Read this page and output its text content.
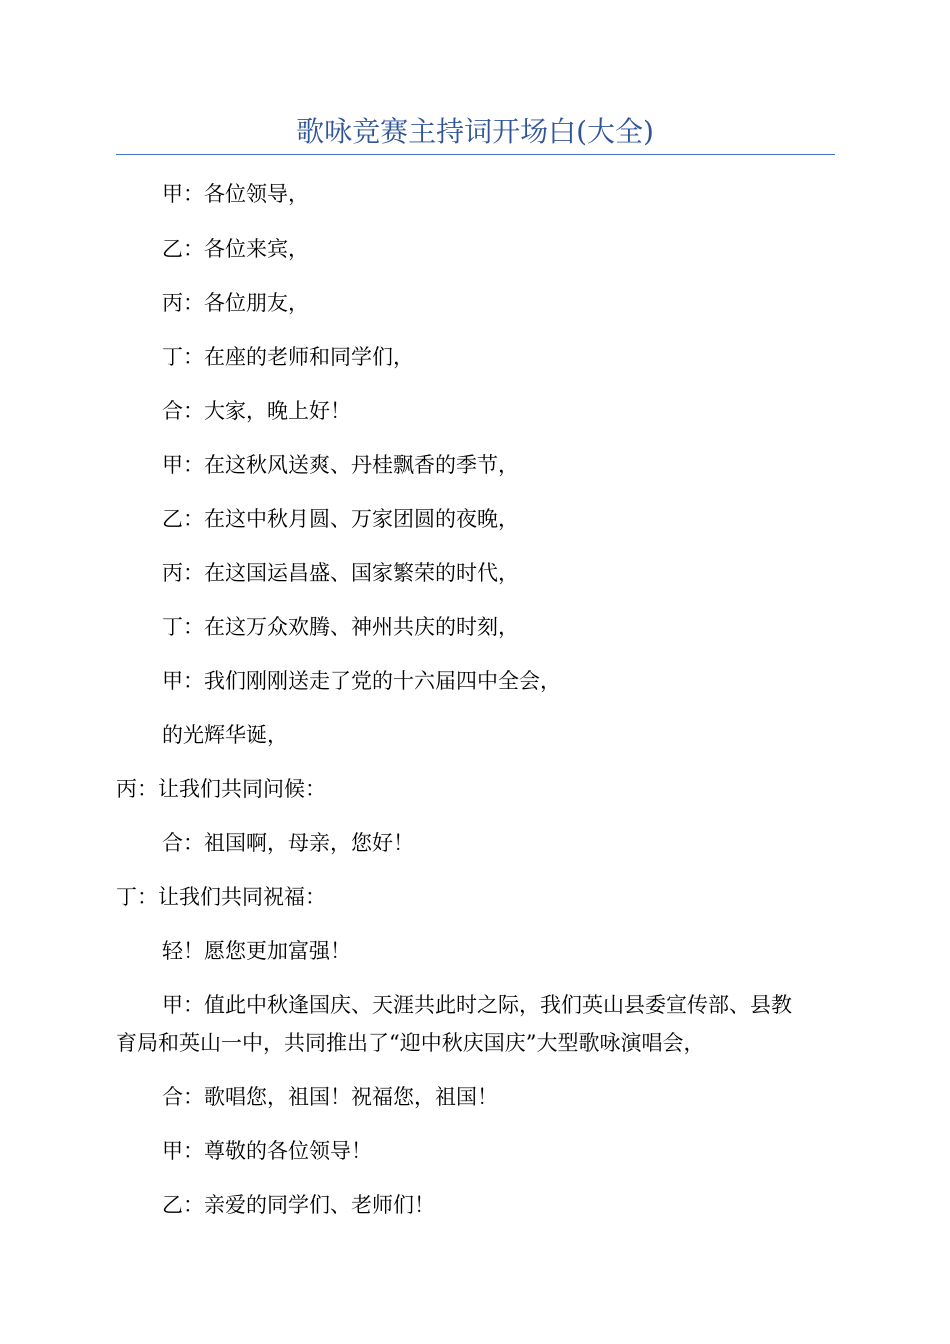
歌咏竞赛主持词开场白(大全)
甲：各位领导，
乙：各位来宾，
丙：各位朋友，
丁：在座的老师和同学们，
合：大家，晚上好！
甲：在这秋风送爽、丹桂飘香的季节，
乙：在这中秋月圆、万家团圆的夜晚，
丙：在这国运昌盛、国家繁荣的时代，
丁：在这万众欢腾、神州共庆的时刻，
甲：我们刚刚送走了党的十六届四中全会，
的光辉华诞，
丙：让我们共同问候：
合：祖国啊，母亲，您好！
丁：让我们共同祝福：
轻！愿您更加富强！
甲：值此中秋逢国庆、天涯共此时之际，我们英山县委宣传部、县教
育局和英山一中，共同推出了“迎中秋庆国庆”大型歌咏演唱会，
合：歌唱您，祖国！祝福您，祖国！
甲：尊敬的各位领导！
乙：亲爱的同学们、老师们！
